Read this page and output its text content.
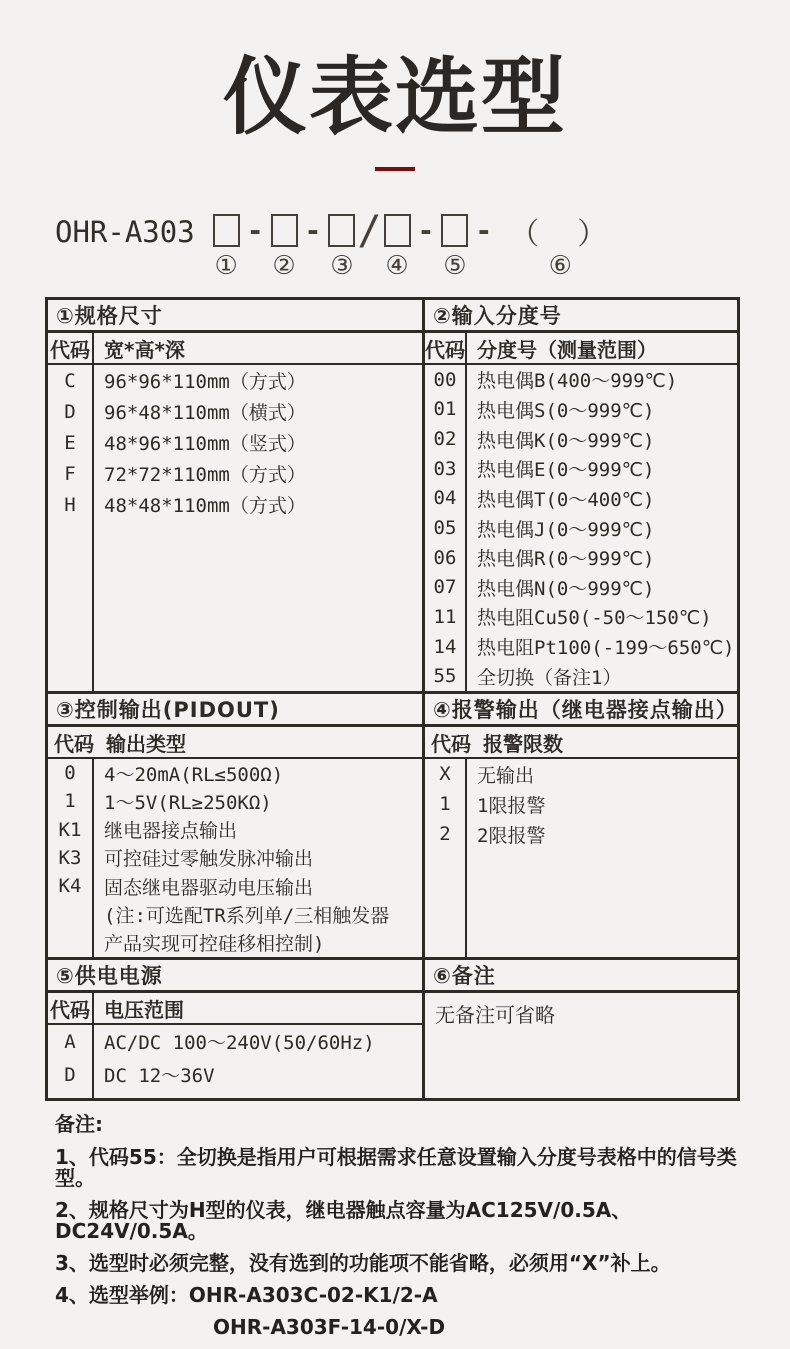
仪表选型
OHR-A303
①
-
②
-
③
/
④
-
⑤
- （　）
⑥
①规格尺寸
代码 宽*高*深
C
D
E
F
H
96*96*110mm（方式）
96*48*110mm（横式）
48*96*110mm（竖式）
72*72*110mm（方式）
48*48*110mm（方式）
②输入分度号
代码 分度号（测量范围）
00
01
02
03
04
05
06
07
11
14
55
热电偶B(400～999℃)
热电偶S(0～999℃)
热电偶K(0～999℃)
热电偶E(0～999℃)
热电偶T(0～400℃)
热电偶J(0～999℃)
热电偶R(0～999℃)
热电偶N(0～999℃)
热电阻Cu50(-50～150℃)
热电阻Pt100(-199～650℃)
全切换（备注1）
③控制输出(PIDOUT)
代码 输出类型
0
1
K1
K3
K4
4～20mA(RL≤500Ω)
1～5V(RL≥250KΩ)
继电器接点输出
可控硅过零触发脉冲输出
固态继电器驱动电压输出
(注:可选配TR系列单/三相触发器
产品实现可控硅移相控制)
④报警输出（继电器接点输出）
代码 报警限数
X
1
2
无输出
1限报警
2限报警
⑤供电电源
代码 电压范围
A
D
AC/DC 100～240V(50/60Hz)
DC 12～36V
⑥备注
无备注可省略
备注:
1、代码55：全切换是指用户可根据需求任意设置输入分度号表格中的信号类型。
2、规格尺寸为H型的仪表，继电器触点容量为AC125V/0.5A、DC24V/0.5A。
3、选型时必须完整，没有选到的功能项不能省略，必须用“X”补上。
4、选型举例：OHR-A303C-02-K1/2-A
OHR-A303F-14-0/X-D
